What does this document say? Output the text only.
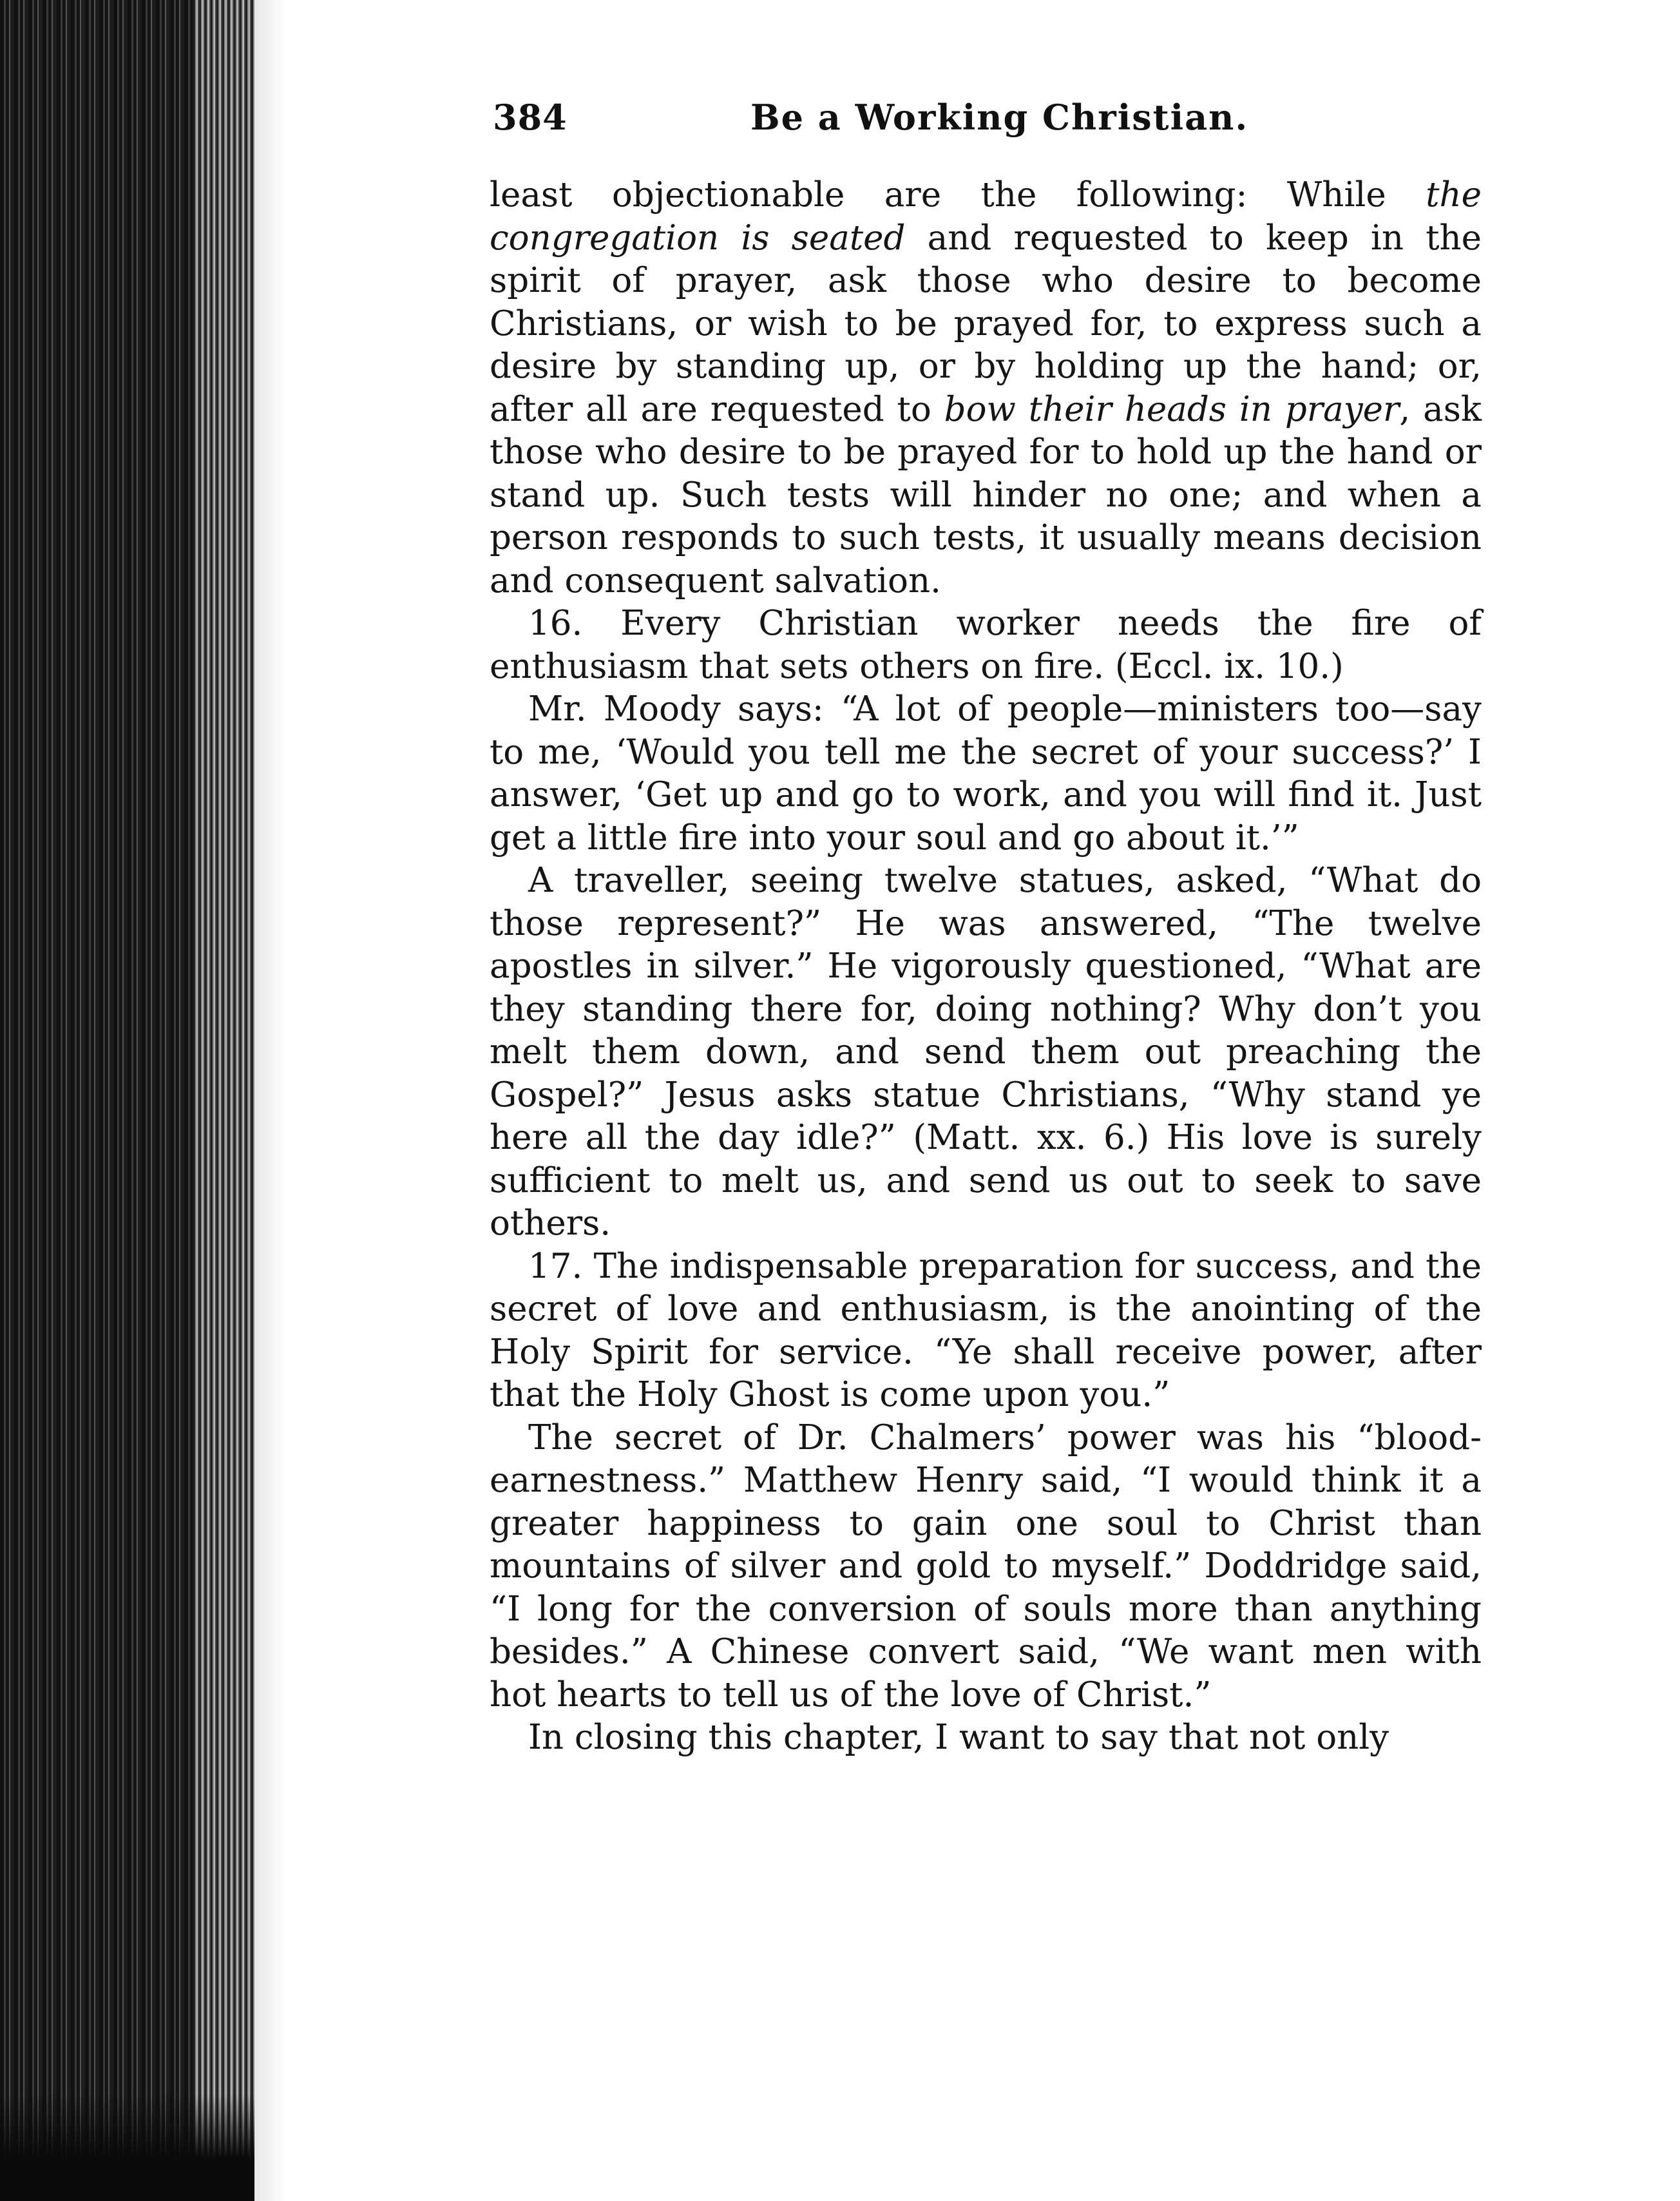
384	Be a Working Christian.

least objectionable are the following: While the congregation is seated and requested to keep in the spirit of prayer, ask those who desire to become Christians, or wish to be prayed for, to express such a desire by standing up, or by holding up the hand; or, after all are requested to bow their heads in prayer, ask those who desire to be prayed for to hold up the hand or stand up. Such tests will hinder no one; and when a person responds to such tests, it usually means decision and consequent salvation.

16. Every Christian worker needs the fire of enthusiasm that sets others on fire. (Eccl. ix. 10.)

Mr. Moody says: “A lot of people—ministers too—say to me, ‘Would you tell me the secret of your success?’ I answer, ‘Get up and go to work, and you will find it. Just get a little fire into your soul and go about it.’”

A traveller, seeing twelve statues, asked, “What do those represent?” He was answered, “The twelve apostles in silver.” He vigorously questioned, “What are they standing there for, doing nothing? Why don’t you melt them down, and send them out preaching the Gospel?” Jesus asks statue Christians, “Why stand ye here all the day idle?” (Matt. xx. 6.) His love is surely sufficient to melt us, and send us out to seek to save others.

17. The indispensable preparation for success, and the secret of love and enthusiasm, is the anointing of the Holy Spirit for service. “Ye shall receive power, after that the Holy Ghost is come upon you.”

The secret of Dr. Chalmers’ power was his “blood-earnestness.” Matthew Henry said, “I would think it a greater happiness to gain one soul to Christ than mountains of silver and gold to myself.” Doddridge said, “I long for the conversion of souls more than anything besides.” A Chinese convert said, “We want men with hot hearts to tell us of the love of Christ.”

In closing this chapter, I want to say that not only
